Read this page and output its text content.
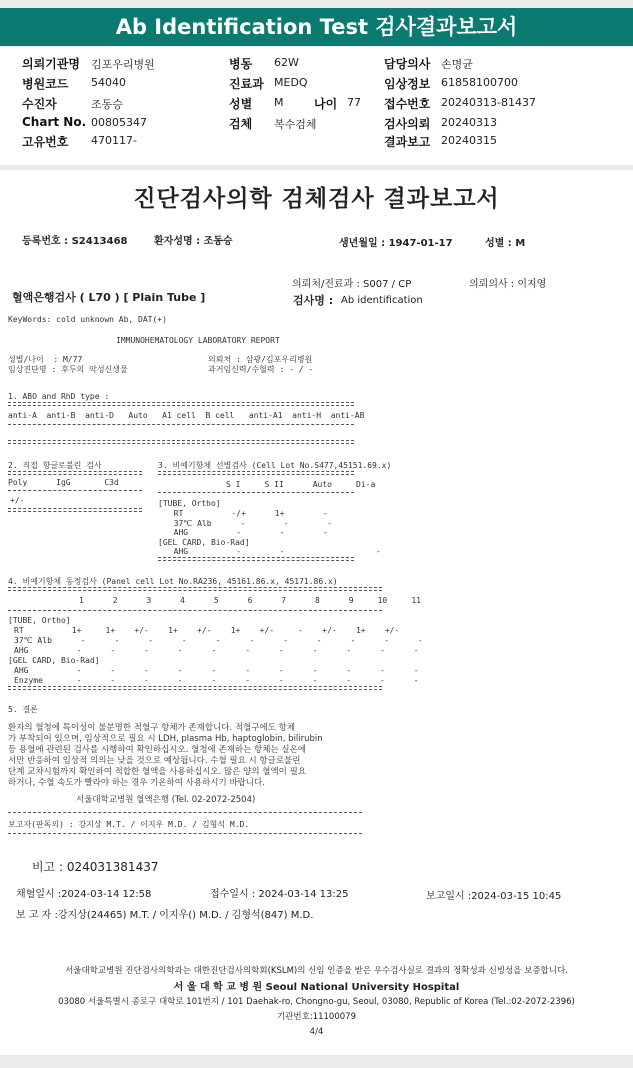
Ab Identification Test 검사결과보고서
의뢰기관명 김포우리병원
병원코드 54040
수진자	조동승
Chart No. 00805347
고유번호 470117-
병동 62W
진료과 MEDQ
성별 M	나이 77
검체 복수검체
담당의사 손명균
임상정보 61858100700
접수번호 20240313-81437
검사의뢰 20240313
결과보고 20240315
진단검사의학 검체검사 결과보고서
등록번호 : S2413468	환자성명 : 조동승	생년월일 : 1947-01-17	성별 : M
의뢰처/진료과 : S007 / CP	의뢰의사 : 이지영
혈액은행검사 ( L70 ) [ Plain Tube ]	검사명 : Ab identification
KeyWords: cold unknown Ab, DAT(+)
IMMUNOHEMATOLOGY LABORATORY REPORT
성별/나이  : M/77
임상진단명 : 후두의 악성신생물
의뢰처 : 삼광/김포우리병원
과거임신력/수혈력 : - / -
1. ABO and RhD type :
anti-A  anti-B  anti-D   Auto   A1 cell  B cell   anti-A1  anti-H  anti-AB
2. 직접 항글로불린 검사
Poly      IgG       C3d
+/-
3. 비예기항체 선별검사 (Cell Lot No.S477,45151.69.x)
S I     S II      Auto     Di-a
[TUBE, Ortho]
RT          -/+      1+        -
37℃ Alb      -        -        -
AHG          -        -        -
[GEL CARD, Bio-Rad]
AHG          -        -                   -
4. 비예기항체 동정검사 (Panel cell Lot No.RA236, 45161.86.x, 45171.86.x)
1      2      3      4      5      6      7      8      9     10     11
[TUBE, Ortho]
RT          1+     1+    +/-    1+    +/-    1+    +/-     -    +/-    1+    +/-
37℃ Alb      -      -      -      -      -      -      -      -      -      -      -
AHG          -      -      -      -      -      -      -      -      -      -      -
[GEL CARD, Bio-Rad]
AHG          -      -      -      -      -      -      -      -      -      -      -
Enzyme       -      -      -      -      -      -      -      -      -      -      -
5. 결론
환자의 혈청에 특이성이 불분명한 적혈구 항체가 존재합니다. 적혈구에도 항체
가 부착되어 있으며, 임상적으로 필요 시 LDH, plasma Hb, haptoglobin, bilirubin
등 용혈에 관련된 검사를 시행하여 확인하십시오. 혈청에 존재하는 항체는 실온에
서만 반응하여 임상적 의의는 낮을 것으로 예상됩니다. 수혈 필요 시 항글로불린
단계 교차시험까지 확인하여 적합한 혈액을 사용하십시오. 많은 양의 혈액이 필요
하거나, 수혈 속도가 빨라야 하는 경우 기온하여 사용하시기 바랍니다.
서울대학교병원 혈액은행 (Tel. 02-2072-2504)
보고자(판독의) : 강지상 M.T. / 이지우 M.D. / 김형석 M.D.
비고 : 024031381437
채혈일시 :2024-03-14 12:58	접수일시 : 2024-03-14 13:25	보고일시 :2024-03-15 10:45
보 고 자 :강지상(24465) M.T. / 이지우() M.D. / 김형석(847) M.D.
서울대학교병원 진단검사의학과는 대한진단검사의학회(KSLM)의 신임 인증을 받은 우수검사실로 결과의 정확성과 신빙성을 보증합니다.
서 울 대 학 교 병 원 Seoul National University Hospital
03080 서울특별시 종로구 대학로 101번지 / 101 Daehak-ro, Chongno-gu, Seoul, 03080, Republic of Korea (Tel.:02-2072-2396)
기관번호:11100079
4/4
